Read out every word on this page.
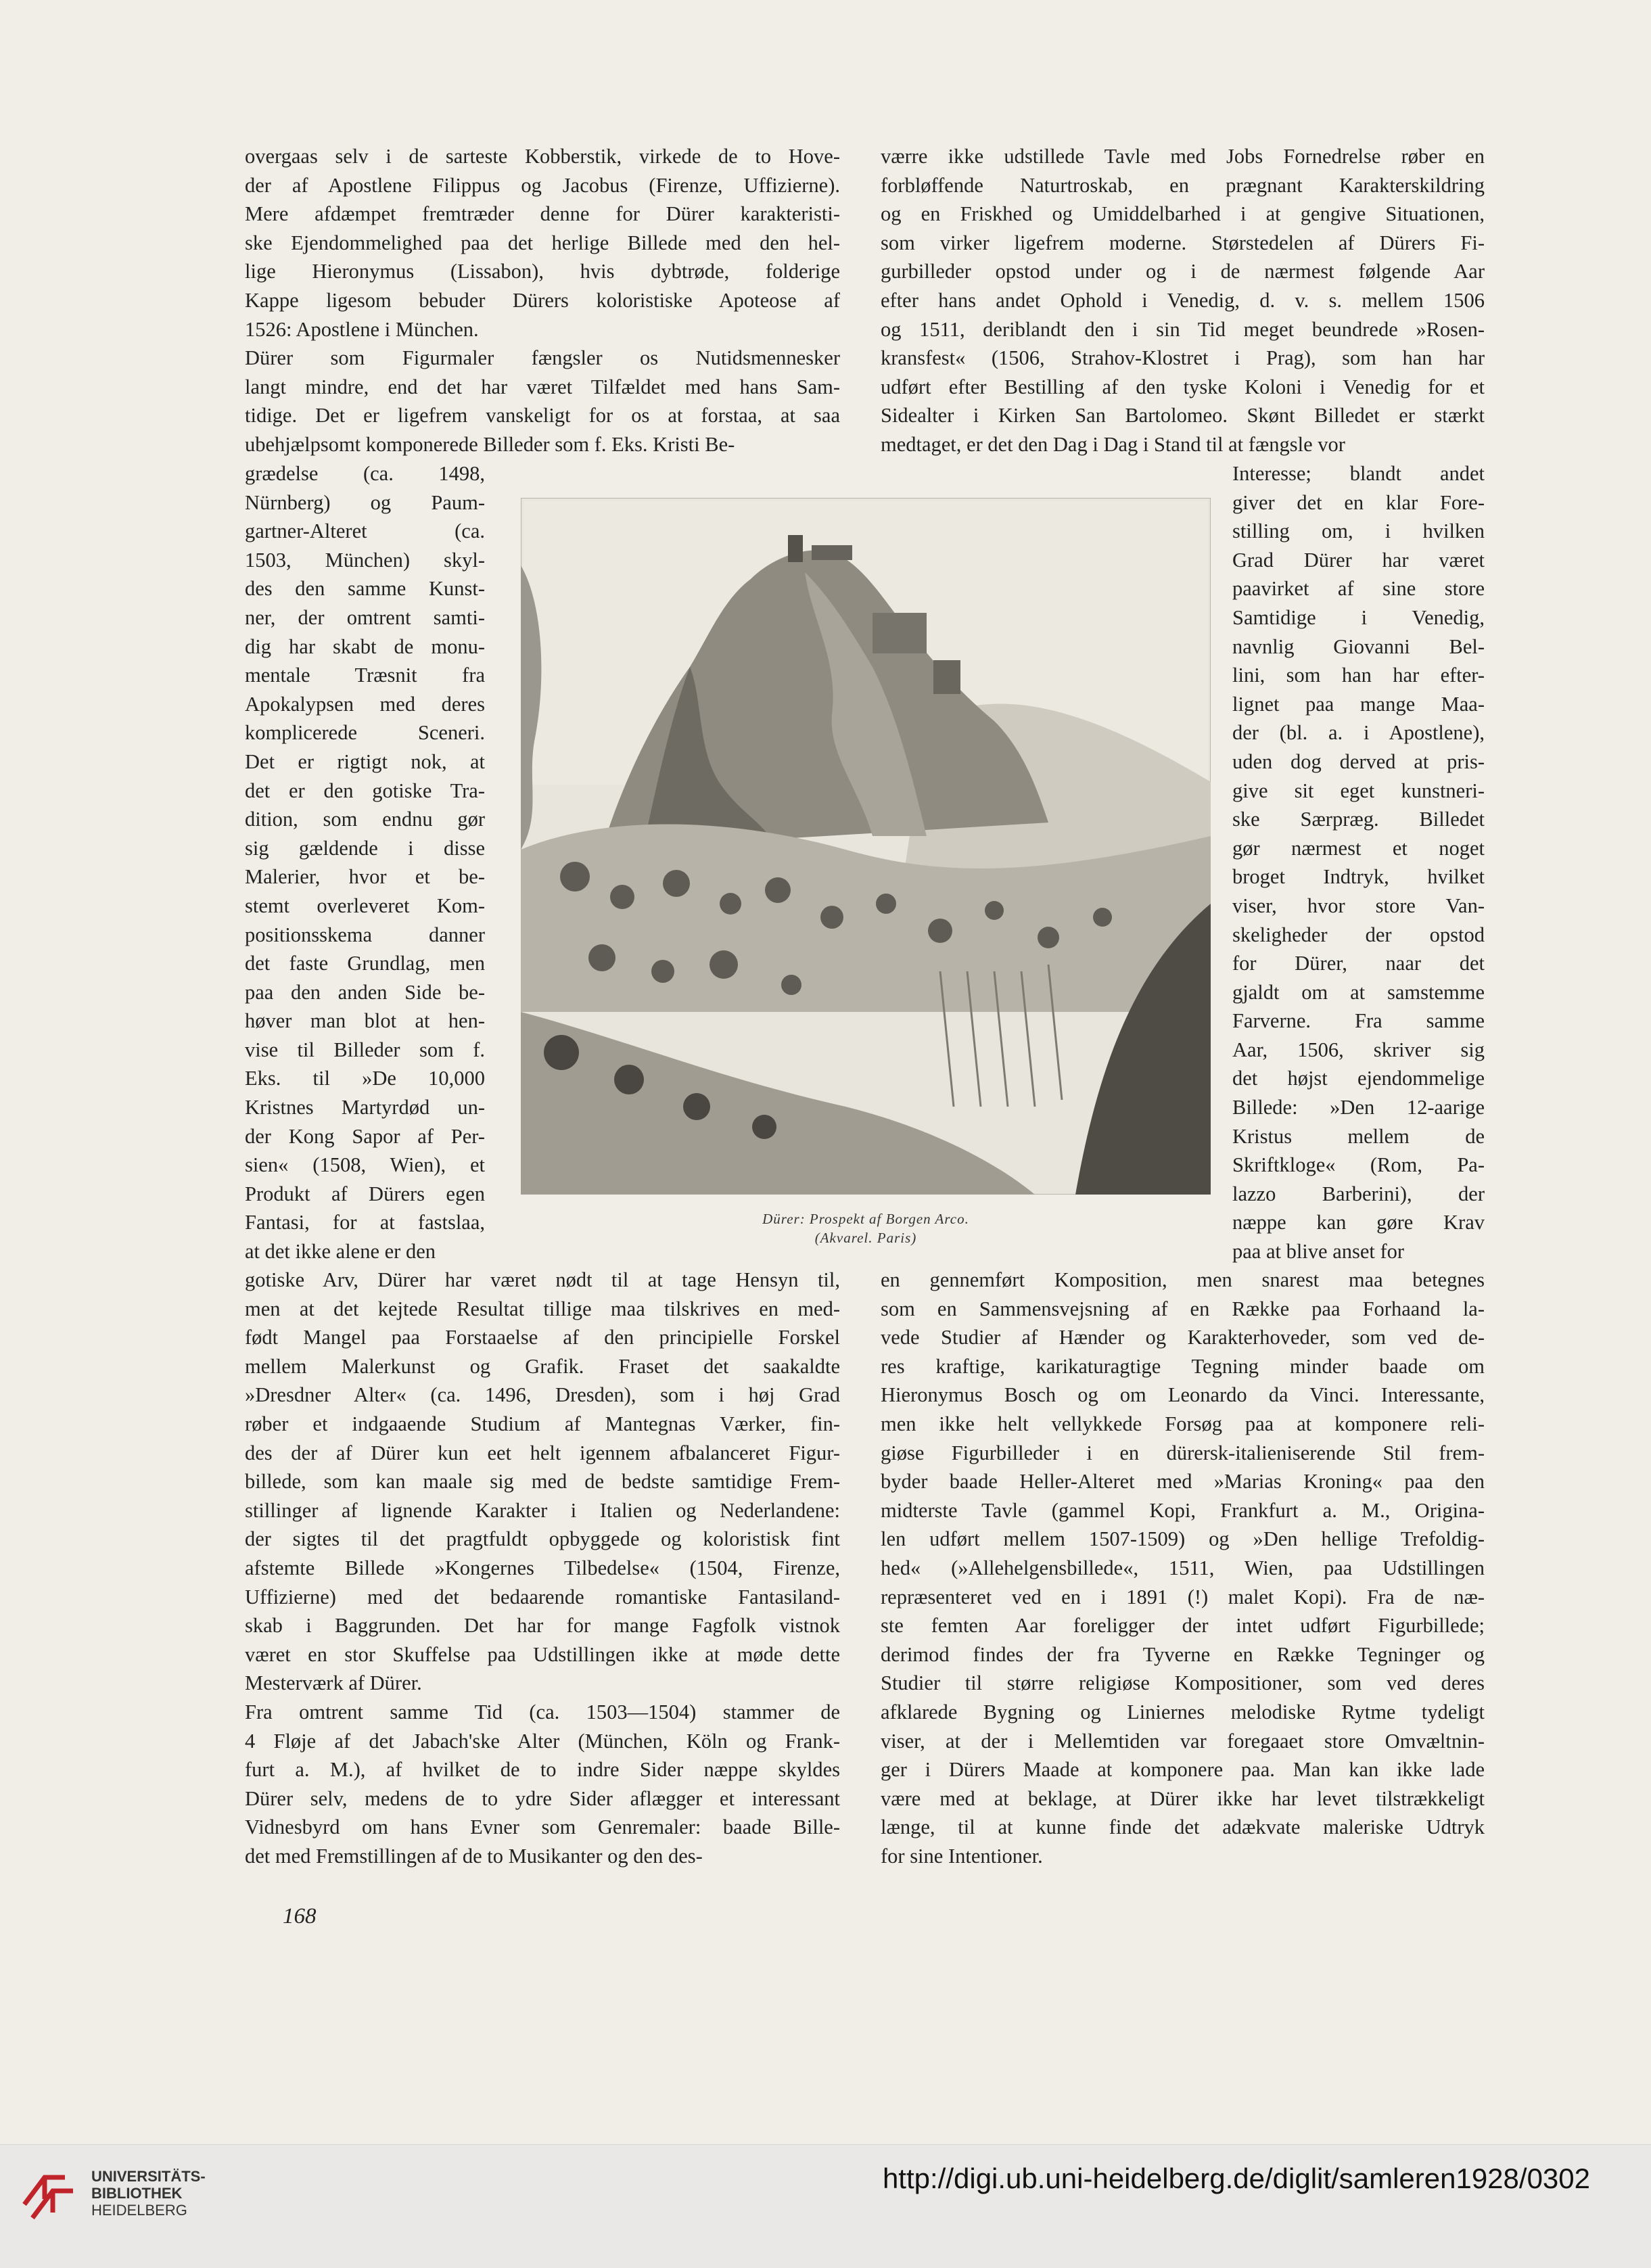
overgaas selv i de sarteste Kobberstik, virkede de to Hove-
der af Apostlene Filippus og Jacobus (Firenze, Uffizierne).
Mere afdæmpet fremtræder denne for Dürer karakteristi-
ske Ejendommelighed paa det herlige Billede med den hel-
lige Hieronymus (Lissabon), hvis dybtrøde, folderige
Kappe ligesom bebuder Dürers koloristiske Apoteose af
1526: Apostlene i München.
Dürer som Figurmaler fængsler os Nutidsmennesker
langt mindre, end det har været Tilfældet med hans Sam-
tidige. Det er ligefrem vanskeligt for os at forstaa, at saa
ubehjælpsomt komponerede Billeder som f. Eks. Kristi Be-
værre ikke udstillede Tavle med Jobs Fornedrelse røber en
forbløffende Naturtroskab, en prægnant Karakterskildring
og en Friskhed og Umiddelbarhed i at gengive Situationen,
som virker ligefrem moderne. Størstedelen af Dürers Fi-
gurbilleder opstod under og i de nærmest følgende Aar
efter hans andet Ophold i Venedig, d. v. s. mellem 1506
og 1511, deriblandt den i sin Tid meget beundrede »Rosen-
kransfest« (1506, Strahov-Klostret i Prag), som han har
udført efter Bestilling af den tyske Koloni i Venedig for et
Sidealter i Kirken San Bartolomeo. Skønt Billedet er stærkt
medtaget, er det den Dag i Dag i Stand til at fængsle vor
grædelse (ca. 1498,
Nürnberg) og Paum-
gartner-Alteret (ca.
1503, München) skyl-
des den samme Kunst-
ner, der omtrent samti-
dig har skabt de monu-
mentale Træsnit fra
Apokalypsen med deres
komplicerede Sceneri.
Det er rigtigt nok, at
det er den gotiske Tra-
dition, som endnu gør
sig gældende i disse
Malerier, hvor et be-
stemt overleveret Kom-
positionsskema danner
det faste Grundlag, men
paa den anden Side be-
høver man blot at hen-
vise til Billeder som f.
Eks. til »De 10,000
Kristnes Martyrdød un-
der Kong Sapor af Per-
sien« (1508, Wien), et
Produkt af Dürers egen
Fantasi, for at fastslaa,
at det ikke alene er den
Interesse; blandt andet
giver det en klar Fore-
stilling om, i hvilken
Grad Dürer har været
paavirket af sine store
Samtidige i Venedig,
navnlig Giovanni Bel-
lini, som han har efter-
lignet paa mange Maa-
der (bl. a. i Apostlene),
uden dog derved at pris-
give sit eget kunstneri-
ske Særpræg. Billedet
gør nærmest et noget
broget Indtryk, hvilket
viser, hvor store Van-
skeligheder der opstod
for Dürer, naar det
gjaldt om at samstemme
Farverne. Fra samme
Aar, 1506, skriver sig
det højst ejendommelige
Billede: »Den 12-aarige
Kristus mellem de
Skriftkloge« (Rom, Pa-
lazzo Barberini), der
næppe kan gøre Krav
paa at blive anset for
gotiske Arv, Dürer har været nødt til at tage Hensyn til,
men at det kejtede Resultat tillige maa tilskrives en med-
født Mangel paa Forstaaelse af den principielle Forskel
mellem Malerkunst og Grafik. Fraset det saakaldte
»Dresdner Alter« (ca. 1496, Dresden), som i høj Grad
røber et indgaaende Studium af Mantegnas Værker, fin-
des der af Dürer kun eet helt igennem afbalanceret Figur-
billede, som kan maale sig med de bedste samtidige Frem-
stillinger af lignende Karakter i Italien og Nederlandene:
der sigtes til det pragtfuldt opbyggede og koloristisk fint
afstemte Billede »Kongernes Tilbedelse« (1504, Firenze,
Uffizierne) med det bedaarende romantiske Fantasiland-
skab i Baggrunden. Det har for mange Fagfolk vistnok
været en stor Skuffelse paa Udstillingen ikke at møde dette
Mesterværk af Dürer.
Fra omtrent samme Tid (ca. 1503—1504) stammer de
4 Fløje af det Jabach'ske Alter (München, Köln og Frank-
furt a. M.), af hvilket de to indre Sider næppe skyldes
Dürer selv, medens de to ydre Sider aflægger et interessant
Vidnesbyrd om hans Evner som Genremaler: baade Bille-
det med Fremstillingen af de to Musikanter og den des-
en gennemført Komposition, men snarest maa betegnes
som en Sammensvejsning af en Række paa Forhaand la-
vede Studier af Hænder og Karakterhoveder, som ved de-
res kraftige, karikaturagtige Tegning minder baade om
Hieronymus Bosch og om Leonardo da Vinci. Interessante,
men ikke helt vellykkede Forsøg paa at komponere reli-
giøse Figurbilleder i en dürersk-italieniserende Stil frem-
byder baade Heller-Alteret med »Marias Kroning« paa den
midterste Tavle (gammel Kopi, Frankfurt a. M., Origina-
len udført mellem 1507-1509) og »Den hellige Trefoldig-
hed« (»Allehelgensbillede«, 1511, Wien, paa Udstillingen
repræsenteret ved en i 1891 (!) malet Kopi). Fra de næ-
ste femten Aar foreligger der intet udført Figurbillede;
derimod findes der fra Tyverne en Række Tegninger og
Studier til større religiøse Kompositioner, som ved deres
afklarede Bygning og Liniernes melodiske Rytme tydeligt
viser, at der i Mellemtiden var foregaaet store Omvæltnin-
ger i Dürers Maade at komponere paa. Man kan ikke lade
være med at beklage, at Dürer ikke har levet tilstrækkeligt
længe, til at kunne finde det adækvate maleriske Udtryk
for sine Intentioner.
Dürer: Prospekt af Borgen Arco.
(Akvarel. Paris)
168
UNIVERSITÄTS-
BIBLIOTHEK
HEIDELBERG
http://digi.ub.uni-heidelberg.de/diglit/samleren1928/0302
